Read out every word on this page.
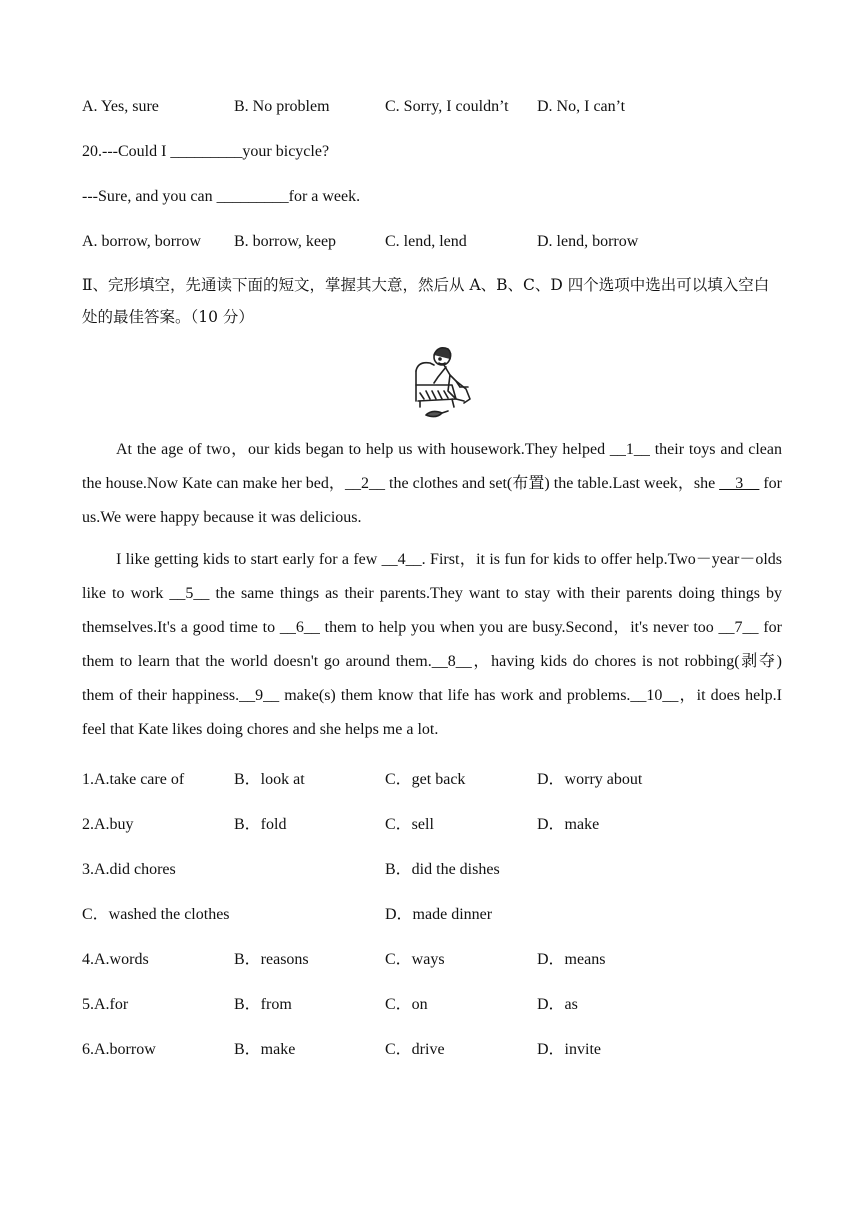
A. Yes, sure	B. No problem	C. Sorry, I couldn’t D. No, I can’t
20.---Could I _________your bicycle?
---Sure, and you can _________for a week.
A. borrow, borrow B. borrow, keep	C. lend, lend	D. lend, borrow

Ⅱ、完形填空，先通读下面的短文，掌握其大意，然后从 A、B、C、D 四个选项中选出可以填入空白处的最佳答案。（10 分）

At the age of two，our kids began to help us with housework.They helped __1__ their toys and clean the house.Now Kate can make her bed，__2__ the clothes and set(布置) the table.Last week，she __3__ for us.We were happy because it was delicious.

I like getting kids to start early for a few __4__. First，it is fun for kids to offer help.Two－year－olds like to work __5__ the same things as their parents.They want to stay with their parents doing things by themselves.It's a good time to __6__ them to help you when you are busy.Second，it's never too __7__ for them to learn that the world doesn't go around them.__8__，having kids do chores is not robbing(剥夺) them of their happiness.__9__ make(s) them know that life has work and problems.__10__，it does help.I feel that Kate likes doing chores and she helps me a lot.

1.A.take care of	B．look at	C．get back	D．worry about
2.A.buy	B．fold	C．sell	D．make
3.A.did chores	B．did the dishes
C．washed the clothes	D．made dinner
4.A.words	B．reasons	C．ways	D．means
5.A.for	B．from	C．on	D．as
6.A.borrow	B．make	C．drive	D．invite
